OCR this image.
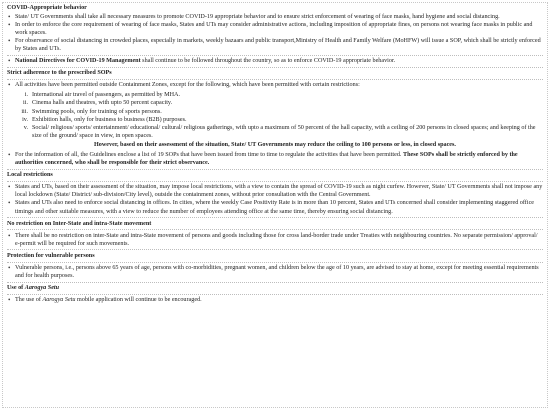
COVID-Appropriate behavior
• State/ UT Governments shall take all necessary measures to promote COVID-19 appropriate behavior and to ensure strict enforcement of wearing of face masks, hand hygiene and social distancing.
• In order to enforce the core requirement of wearing of face masks, States and UTs may consider administrative actions, including imposition of appropriate fines, on persons not wearing face masks in public and work spaces.
• For observance of social distancing in crowded places, especially in markets, weekly bazaars and public transport,Ministry of Health and Family Welfare (MoHFW) will issue a SOP, which shall be strictly enforced by States and UTs.
• National Directives for COVID-19 Management shall continue to be followed throughout the country, so as to enforce COVID-19 appropriate behavior.
Strict adherence to the prescribed SOPs
• All activities have been permitted outside Containment Zones, except for the following, which have been permitted with certain restrictions:
i. International air travel of passengers, as permitted by MHA.
ii. Cinema halls and theatres, with upto 50 percent capacity.
iii. Swimming pools, only for training of sports persons.
iv. Exhibition halls, only for business to business (B2B) purposes.
v. Social/ religious/ sports/ entertainment/ educational/ cultural/ religious gatherings, with upto a maximum of 50 percent of the hall capacity, with a ceiling of 200 persons in closed spaces; and keeping of the size of the ground/ space in view, in open spaces.
However, based on their assessment of the situation, State/ UT Governments may reduce the ceiling to 100 persons or less, in closed spaces.
• For the information of all, the Guidelines enclose a list of 19 SOPs that have been issued from time to time to regulate the activities that have been permitted. These SOPs shall be strictly enforced by the authorities concerned, who shall be responsible for their strict observance.
Local restrictions
• States and UTs, based on their assessment of the situation, may impose local restrictions, with a view to contain the spread of COVID-19 such as night curfew. However, State/ UT Governments shall not impose any local lockdown (State/ District/ sub-division/City level), outside the containment zones, without prior consultation with the Central Government.
• States and UTs also need to enforce social distancing in offices. In cities, where the weekly Case Positivity Rate is in more than 10 percent, States and UTs concerned shall consider implementing staggered office timings and other suitable measures, with a view to reduce the number of employees attending office at the same time, thereby ensuring social distancing.
No restriction on Inter-State and intra-State movement
• There shall be no restriction on inter-State and intra-State movement of persons and goods including those for cross land-border trade under Treaties with neighbouring countries. No separate permission/ approval/ e-permit will be required for such movements.
Protection for vulnerable persons
• Vulnerable persons, i.e., persons above 65 years of age, persons with co-morbidities, pregnant women, and children below the age of 10 years, are advised to stay at home, except for meeting essential requirements and for health purposes.
Use of Aarogya Setu
• The use of Aarogya Setu mobile application will continue to be encouraged.
